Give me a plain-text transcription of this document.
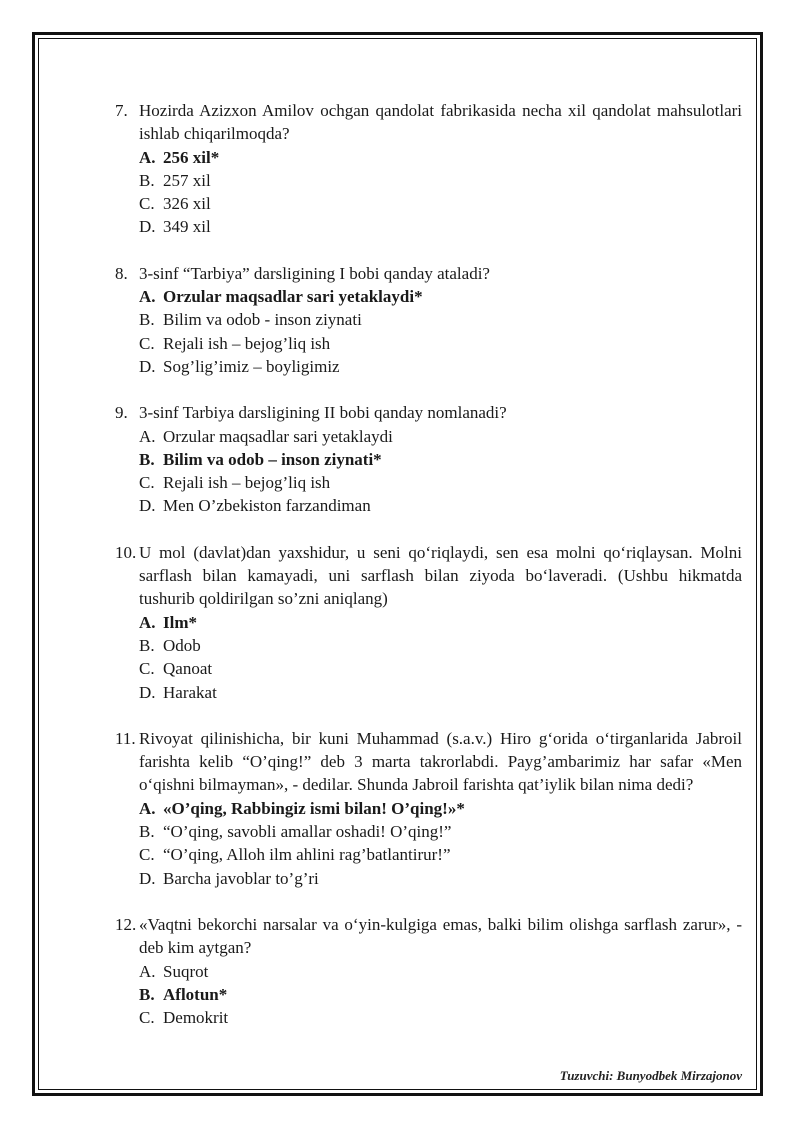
7. Hozirda Azizxon Amilov ochgan qandolat fabrikasida necha xil qandolat mahsulotlari ishlab chiqarilmoqda?
A. 256 xil*
B. 257 xil
C. 326 xil
D. 349 xil
8. 3-sinf “Tarbiya” darsligining I bobi qanday ataladi?
A. Orzular maqsadlar sari yetaklaydi*
B. Bilim va odob - inson ziynati
C. Rejali ish – bejog’liq ish
D. Sog’lig’imiz – boyligimiz
9. 3-sinf Tarbiya darsligining II bobi qanday nomlanadi?
A. Orzular maqsadlar sari yetaklaydi
B. Bilim va odob – inson ziynati*
C. Rejali ish – bejog’liq ish
D. Men O’zbekiston farzandiman
10. U mol (davlat)dan yaxshidur, u seni qo‘riqlaydi, sen esa molni qo‘riqlaysan. Molni sarflash bilan kamayadi, uni sarflash bilan ziyoda bo‘laveradi. (Ushbu hikmatda tushurib qoldirilgan so’zni aniqlang)
A. Ilm*
B. Odob
C. Qanoat
D. Harakat
11. Rivoyat qilinishicha, bir kuni Muhammad (s.a.v.) Hiro g‘orida o‘tirganlarida Jabroil farishta kelib “O’qing!” deb 3 marta takrorlabdi. Payg’ambarimiz har safar «Men o‘qishni bilmayman», - dedilar. Shunda Jabroil farishta qat’iylik bilan nima dedi?
A. «O’qing, Rabbingiz ismi bilan! O’qing!»*
B. “O’qing, savobli amallar oshadi! O’qing!”
C. “O’qing, Alloh ilm ahlini rag’batlantirur!”
D. Barcha javoblar to’g’ri
12. «Vaqtni bekorchi narsalar va o‘yin-kulgiga emas, balki bilim olishga sarflash zarur», - deb kim aytgan?
A. Suqrot
B. Aflotun*
C. Demokrit
Tuzuvchi: Bunyodbek Mirzajonov
